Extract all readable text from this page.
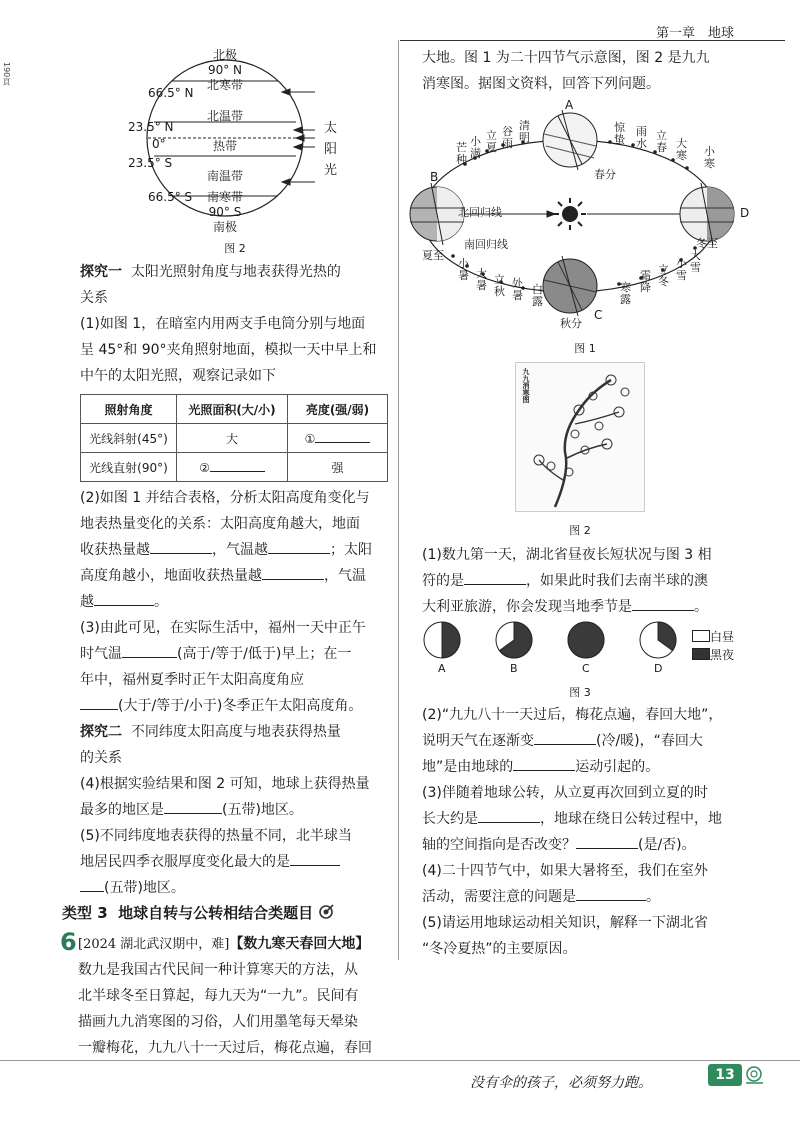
190頁
第一章　地球
北极
90° N
北寒带
北温带
热带
南温带
南寒带
90° S
南极
66.5° N
23.5° N
0°
23.5° S
66.5° S
太
阳
光
图 2
探究一 太阳光照射角度与地表获得光热的
关系
(1)如图 1，在暗室内用两支手电筒分别与地面
呈 45°和 90°夹角照射地面，模拟一天中早上和
中午的太阳光照，观察记录如下
照射角度	光照面积(大/小)	亮度(强/弱)
光线斜射(45°)	大	①
光线直射(90°)	②	强
(2)如图 1 并结合表格，分析太阳高度角变化与
地表热量变化的关系：太阳高度角越大，地面
收获热量越	，气温越	；太阳
高度角越小，地面收获热量越	，气温
越	。
(3)由此可见，在实际生活中，福州一天中正午
时气温	(高于/等于/低于)早上；在一
年中，福州夏季时正午太阳高度角应
(大于/等于/小于)冬季正午太阳高度角。
探究二 不同纬度太阳高度与地表获得热量
的关系
(4)根据实验结果和图 2 可知，地球上获得热量
最多的地区是	(五带)地区。
(5)不同纬度地表获得的热量不同，北半球当
地居民四季衣服厚度变化最大的是
(五带)地区。
类型 3 地球自转与公转相结合类题目
6 [2024 湖北武汉期中，难]【数九寒天春回大地】
数九是我国古代民间一种计算寒天的方法，从
北半球冬至日算起，每九天为“一九”。民间有
描画九九消寒图的习俗，人们用墨笔每天晕染
一瓣梅花，九九八十一天过后，梅花点遍，春回
大地。图 1 为二十四节气示意图，图 2 是九九
消寒图。据图文资料，回答下列问题。
A
B
C
D
春分
北回归线
南回归线
清明
谷雨
立夏
小满
芒种
惊蛰
雨水
立春 大寒 小寒
冬至
大雪
小雪
立冬
霜降
寒露
秋分
白露
处暑
立秋
大暑
小暑
夏至
图 1
九九消寒图
图 2
(1)数九第一天，湖北省昼夜长短状况与图 3 相
符的是	，如果此时我们去南半球的澳
大利亚旅游，你会发现当地季节是	。
A	B	C	D
白昼
黑夜
图 3
(2)“九九八十一天过后，梅花点遍，春回大地”，
说明天气在逐渐变	(冷/暖)，“春回大
地”是由地球的	运动引起的。
(3)伴随着地球公转，从立夏再次回到立夏的时
长大约是	，地球在绕日公转过程中，地
轴的空间指向是否改变？	(是/否)。
(4)二十四节气中，如果大暑将至，我们在室外
活动，需要注意的问题是	。
(5)请运用地球运动相关知识，解释一下湖北省
“冬冷夏热”的主要原因。
没有伞的孩子，必须努力跑。	13
